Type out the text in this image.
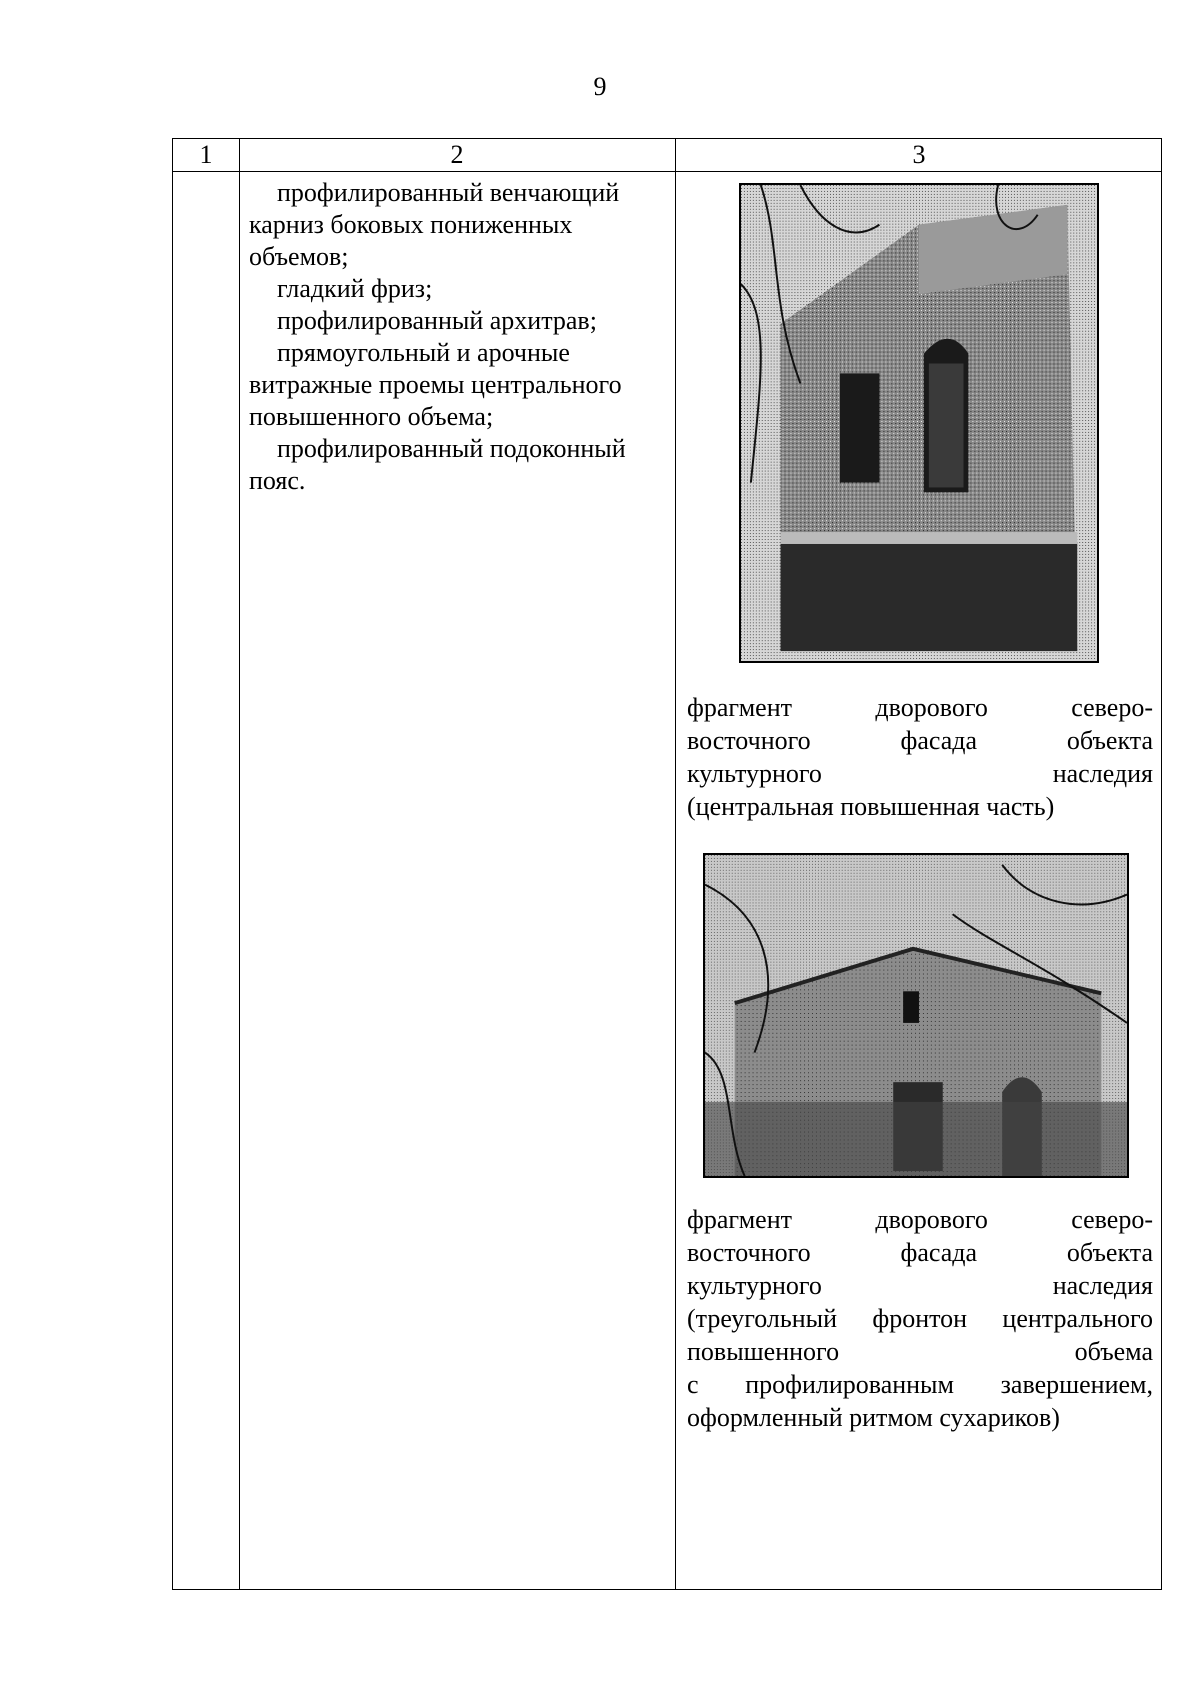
9
1	2	3

профилированный венчающий карниз боковых пониженных объемов;

гладкий фриз;

профилированный архитрав;

прямоугольный и арочные витражные проемы центрального повышенного объема;

профилированный подоконный пояс.

фрагмент дворового северо-
восточного фасада объекта
культурного наследия
(центральная повышенная часть)
фрагмент дворового северо-
восточного фасада объекта
культурного наследия
(треугольный фронтон центрального
повышенного объема
с профилированным завершением,
оформленный ритмом сухариков)
